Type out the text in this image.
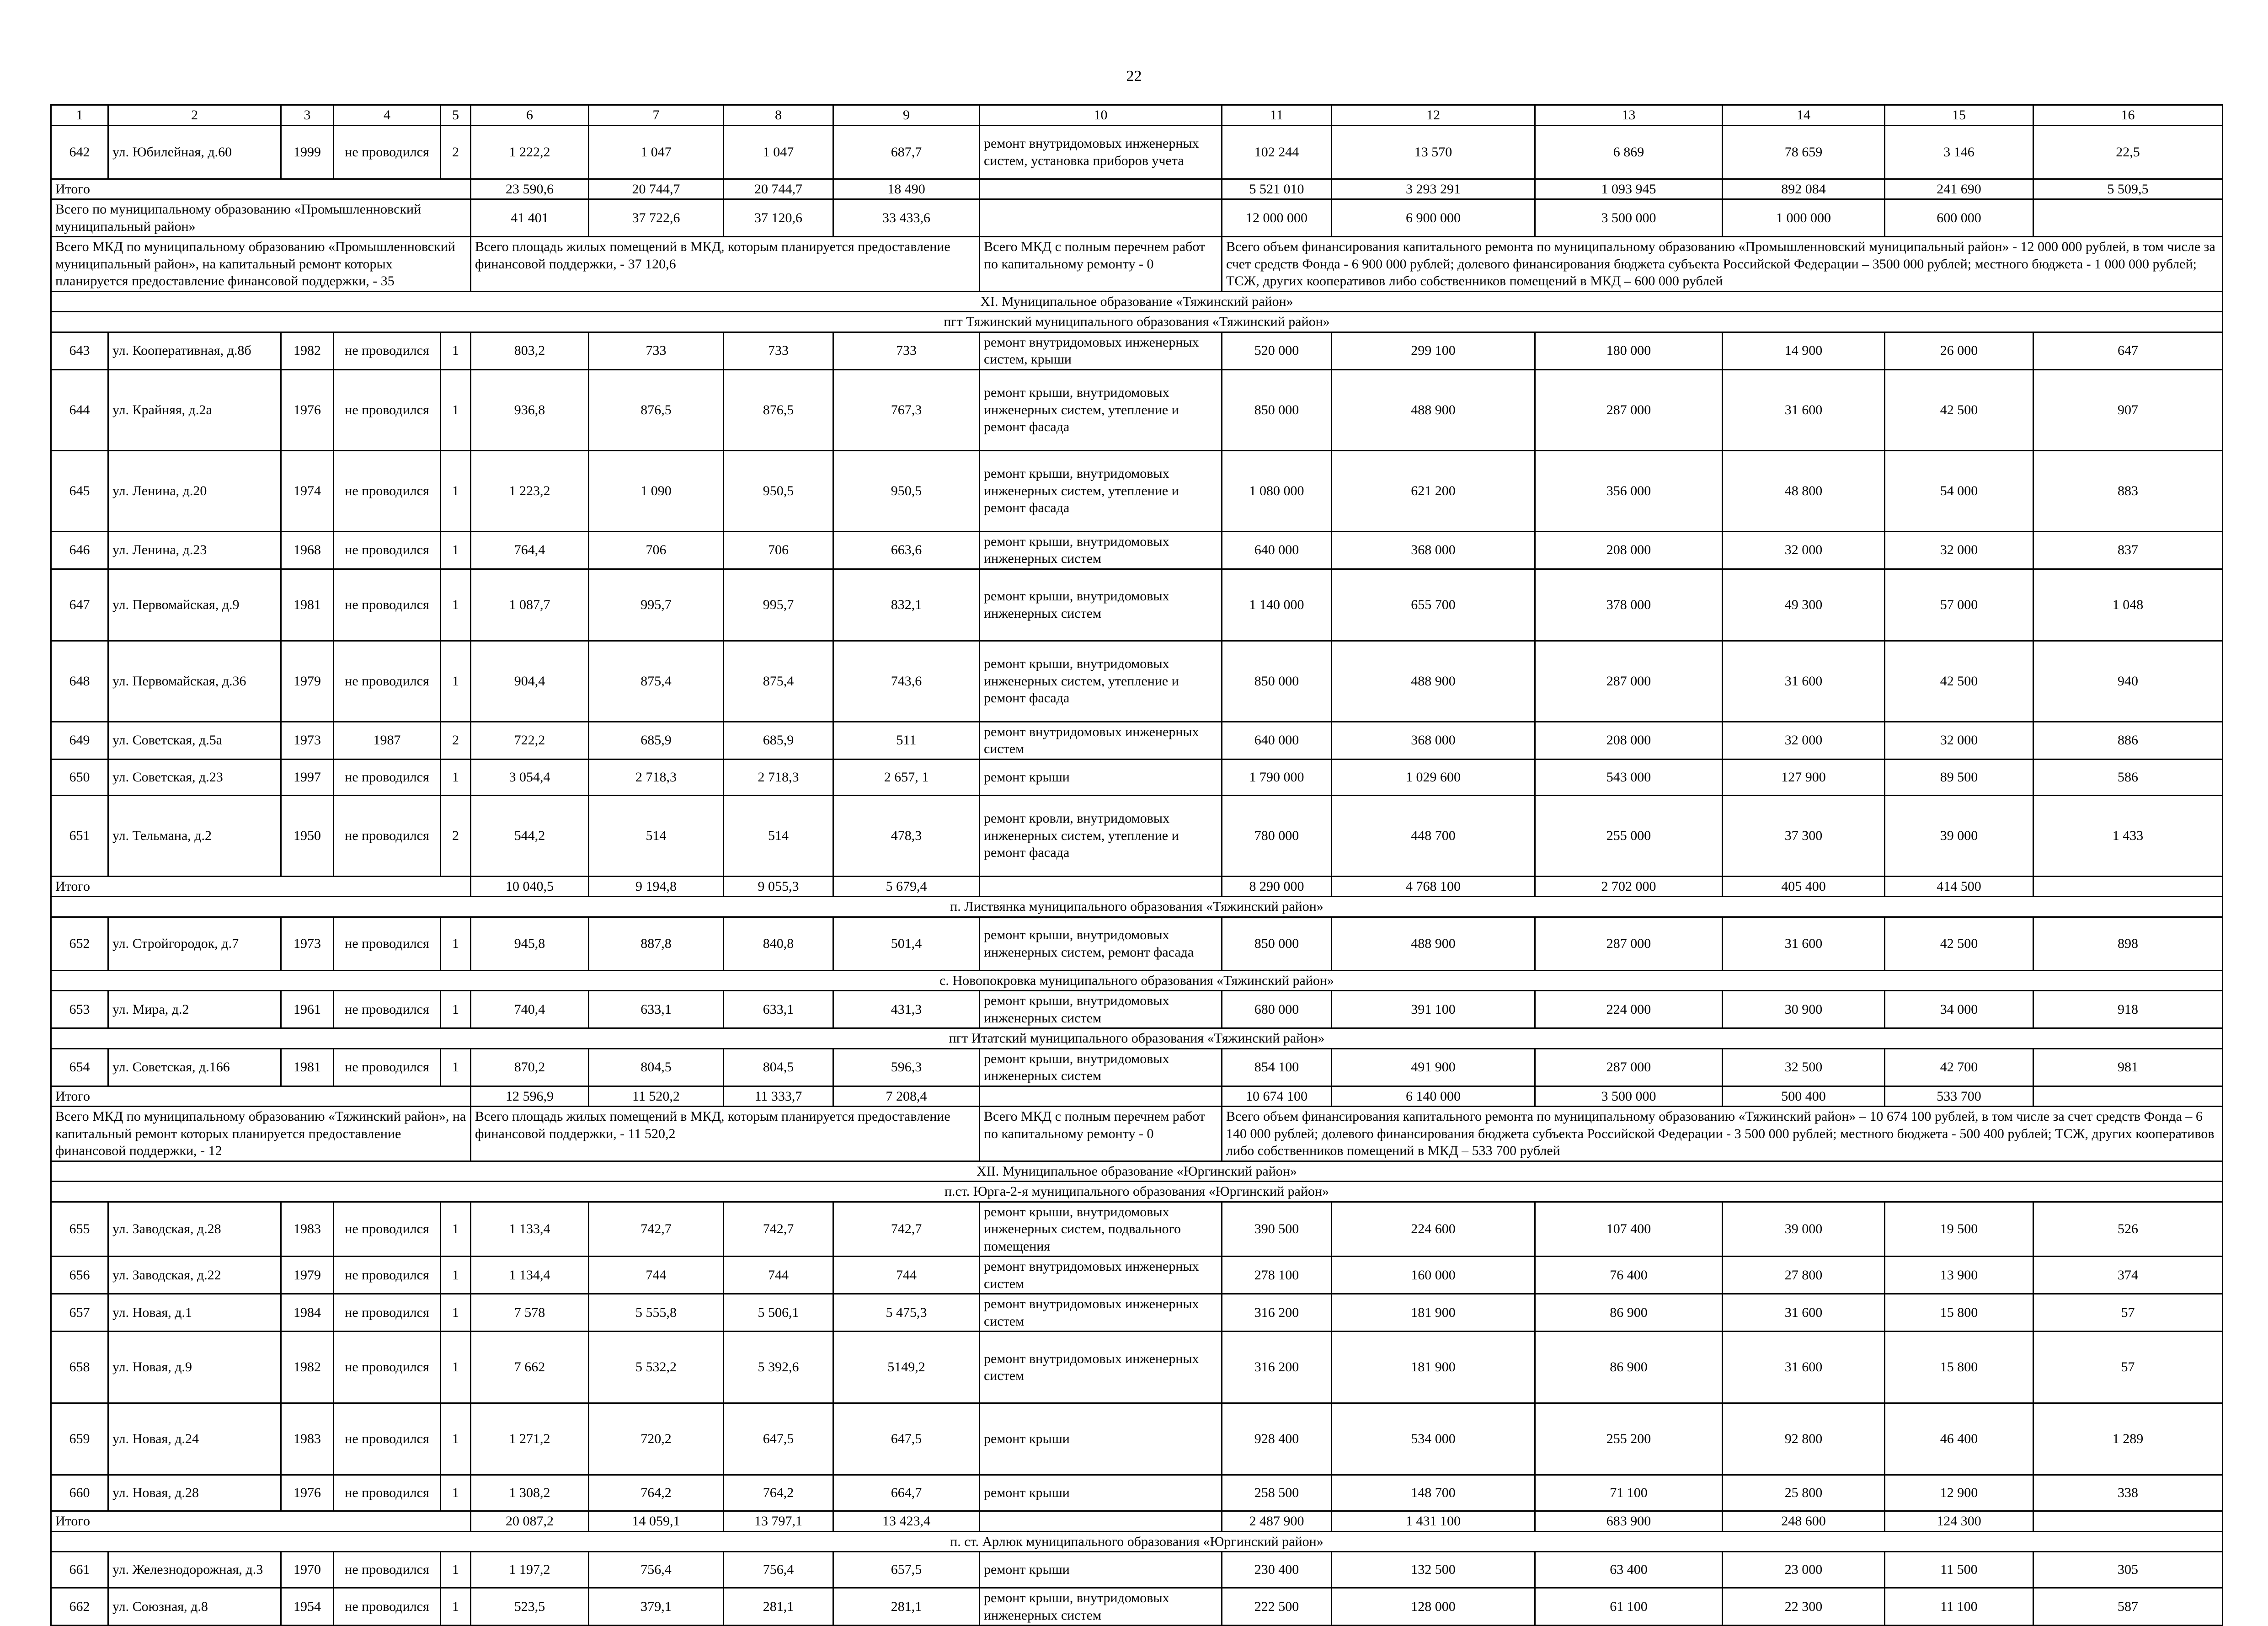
22
1	2	3	4	5	6	7	8	9	10	11	12	13	14	15	16
642	ул. Юбилейная, д.60	1999	не проводился	2	1 222,2	1 047	1 047	687,7	ремонт внутридомовых инженерных систем, установка приборов учета	102 244	13 570	6 869	78 659	3 146	22,5
Итого					23 590,6	20 744,7	20 744,7	18 490		5 521 010	3 293 291	1 093 945	892 084	241 690	5 509,5
Всего по муниципальному образованию «Промышленновский муниципальный район»					41 401	37 722,6	37 120,6	33 433,6		12 000 000	6 900 000	3 500 000	1 000 000	600 000	
Всего МКД по муниципальному образованию «Промышленновский муниципальный район», на капитальный ремонт которых планируется предоставление финансовой поддержки, - 35					Всего площадь жилых помещений в МКД, которым планируется предоставление финансовой поддержки, - 37 120,6				Всего МКД с полным перечнем работ по капитальному ремонту - 0	Всего объем финансирования капитального ремонта по муниципальному образованию «Промышленновский муниципальный район» - 12 000 000 рублей, в том числе за счет средств Фонда - 6 900 000 рублей; долевого финансирования бюджета субъекта Российской Федерации – 3500 000 рублей; местного бюджета - 1 000 000 рублей; ТСЖ, других кооперативов либо собственников помещений в МКД – 600 000 рублей					
XI. Муниципальное образование «Тяжинский район»															
пгт Тяжинский муниципального образования «Тяжинский район»															
643	ул. Кооперативная, д.8б	1982	не проводился	1	803,2	733	733	733	ремонт внутридомовых инженерных систем, крыши	520 000	299 100	180 000	14 900	26 000	647
644	ул. Крайняя, д.2а	1976	не проводился	1	936,8	876,5	876,5	767,3	ремонт крыши, внутридомовых инженерных систем, утепление и ремонт фасада	850 000	488 900	287 000	31 600	42 500	907
645	ул. Ленина, д.20	1974	не проводился	1	1 223,2	1 090	950,5	950,5	ремонт крыши, внутридомовых инженерных систем, утепление и ремонт фасада	1 080 000	621 200	356 000	48 800	54 000	883
646	ул. Ленина, д.23	1968	не проводился	1	764,4	706	706	663,6	ремонт крыши, внутридомовых инженерных систем	640 000	368 000	208 000	32 000	32 000	837
647	ул. Первомайская, д.9	1981	не проводился	1	1 087,7	995,7	995,7	832,1	ремонт крыши, внутридомовых инженерных систем	1 140 000	655 700	378 000	49 300	57 000	1 048
648	ул. Первомайская, д.36	1979	не проводился	1	904,4	875,4	875,4	743,6	ремонт крыши, внутридомовых инженерных систем, утепление и ремонт фасада	850 000	488 900	287 000	31 600	42 500	940
649	ул. Советская, д.5а	1973	1987	2	722,2	685,9	685,9	511	ремонт внутридомовых инженерных систем	640 000	368 000	208 000	32 000	32 000	886
650	ул. Советская, д.23	1997	не проводился	1	3 054,4	2 718,3	2 718,3	2 657, 1	ремонт крыши	1 790 000	1 029 600	543 000	127 900	89 500	586
651	ул. Тельмана, д.2	1950	не проводился	2	544,2	514	514	478,3	ремонт кровли, внутридомовых инженерных систем, утепление и ремонт фасада	780 000	448 700	255 000	37 300	39 000	1 433
Итого					10 040,5	9 194,8	9 055,3	5 679,4		8 290 000	4 768 100	2 702 000	405 400	414 500	
п. Листвянка муниципального образования «Тяжинский район»															
652	ул. Стройгородок, д.7	1973	не проводился	1	945,8	887,8	840,8	501,4	ремонт крыши, внутридомовых инженерных систем, ремонт фасада	850 000	488 900	287 000	31 600	42 500	898
с. Новопокровка муниципального образования «Тяжинский район»															
653	ул. Мира, д.2	1961	не проводился	1	740,4	633,1	633,1	431,3	ремонт крыши, внутридомовых инженерных систем	680 000	391 100	224 000	30 900	34 000	918
пгт Итатский муниципального образования «Тяжинский район»															
654	ул. Советская, д.166	1981	не проводился	1	870,2	804,5	804,5	596,3	ремонт крыши, внутридомовых инженерных систем	854 100	491 900	287 000	32 500	42 700	981
Итого					12 596,9	11 520,2	11 333,7	7 208,4		10 674 100	6 140 000	3 500 000	500 400	533 700	
Всего МКД по муниципальному образованию «Тяжинский район», на капитальный ремонт которых планируется предоставление финансовой поддержки, - 12					Всего площадь жилых помещений в МКД, которым планируется предоставление финансовой поддержки, - 11 520,2				Всего МКД с полным перечнем работ по капитальному ремонту - 0	Всего объем финансирования капитального ремонта по муниципальному образованию «Тяжинский район» – 10 674 100 рублей, в том числе за счет средств Фонда – 6 140 000 рублей; долевого финансирования бюджета субъекта Российской Федерации - 3 500 000 рублей; местного бюджета - 500 400 рублей; ТСЖ, других кооперативов либо собственников помещений в МКД – 533 700 рублей					
XII. Муниципальное образование «Юргинский район»															
п.ст. Юрга-2-я муниципального образования «Юргинский район»															
655	ул. Заводская, д.28	1983	не проводился	1	1 133,4	742,7	742,7	742,7	ремонт крыши, внутридомовых инженерных систем, подвального помещения	390 500	224 600	107 400	39 000	19 500	526
656	ул. Заводская, д.22	1979	не проводился	1	1 134,4	744	744	744	ремонт внутридомовых инженерных систем	278 100	160 000	76 400	27 800	13 900	374
657	ул. Новая, д.1	1984	не проводился	1	7 578	5 555,8	5 506,1	5 475,3	ремонт внутридомовых инженерных систем	316 200	181 900	86 900	31 600	15 800	57
658	ул. Новая, д.9	1982	не проводился	1	7 662	5 532,2	5 392,6	5149,2	ремонт внутридомовых инженерных систем	316 200	181 900	86 900	31 600	15 800	57
659	ул. Новая, д.24	1983	не проводился	1	1 271,2	720,2	647,5	647,5	ремонт крыши	928 400	534 000	255 200	92 800	46 400	1 289
660	ул. Новая, д.28	1976	не проводился	1	1 308,2	764,2	764,2	664,7	ремонт крыши	258 500	148 700	71 100	25 800	12 900	338
Итого					20 087,2	14 059,1	13 797,1	13 423,4		2 487 900	1 431 100	683 900	248 600	124 300	
п. ст. Арлюк муниципального образования «Юргинский район»															
661	ул. Железнодорожная, д.3	1970	не проводился	1	1 197,2	756,4	756,4	657,5	ремонт крыши	230 400	132 500	63 400	23 000	11 500	305
662	ул. Союзная, д.8	1954	не проводился	1	523,5	379,1	281,1	281,1	ремонт крыши, внутридомовых инженерных систем	222 500	128 000	61 100	22 300	11 100	587
